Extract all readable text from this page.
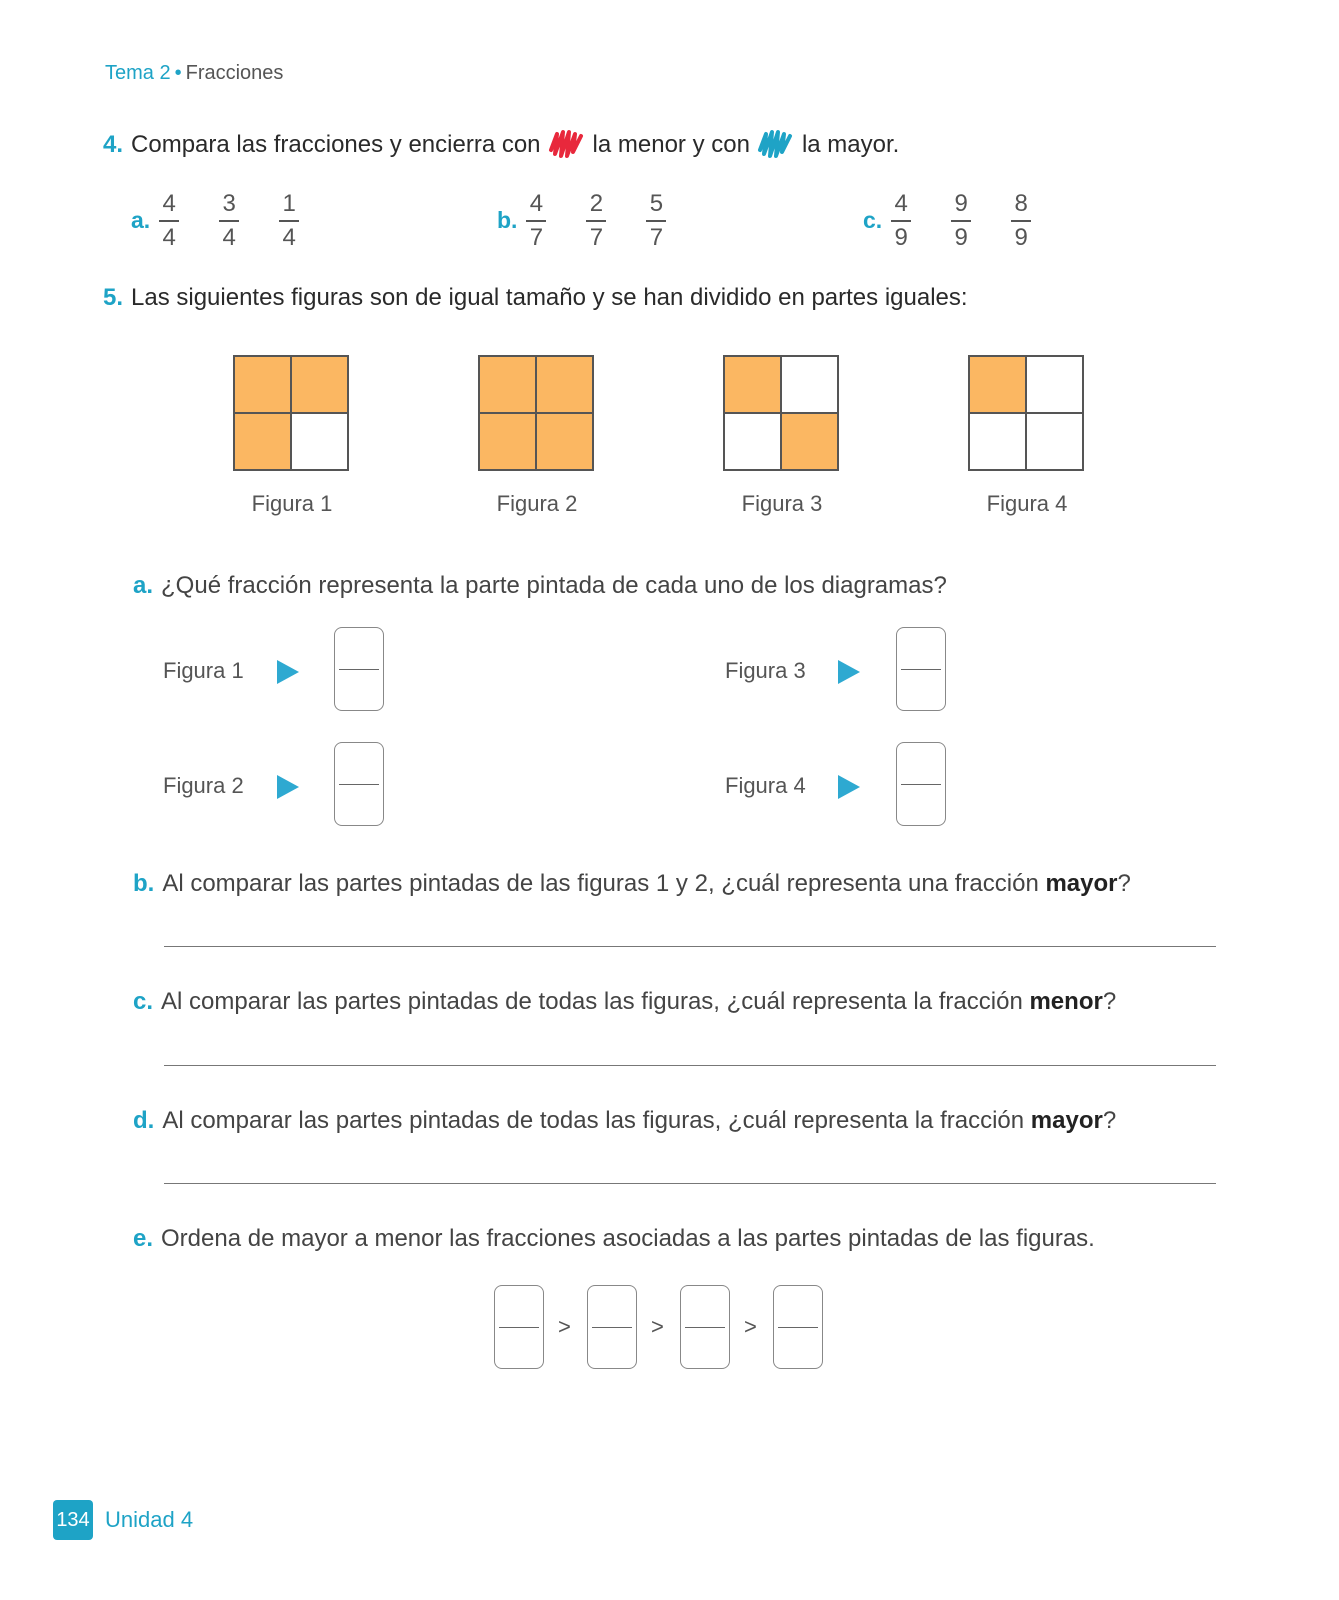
Tema 2 • Fracciones
4. Compara las fracciones y encierra con la menor y con la mayor.
a. $\frac{4}{4} \frac{3}{4} \frac{1}{4}$	b. $\frac{4}{7} \frac{2}{7} \frac{5}{7}$	c. $\frac{4}{9} \frac{9}{9} \frac{8}{9}$
5. Las siguientes figuras son de igual tamaño y se han dividido en partes iguales:
Figura 1	Figura 2	Figura 3	Figura 4
a. ¿Qué fracción representa la parte pintada de cada uno de los diagramas?
Figura 1
Figura 2
Figura 3
Figura 4
b. Al comparar las partes pintadas de las figuras 1 y 2, ¿cuál representa una fracción mayor?
c. Al comparar las partes pintadas de todas las figuras, ¿cuál representa la fracción menor?
d. Al comparar las partes pintadas de todas las figuras, ¿cuál representa la fracción mayor?
e. Ordena de mayor a menor las fracciones asociadas a las partes pintadas de las figuras.
>	>	>
134 Unidad 4
